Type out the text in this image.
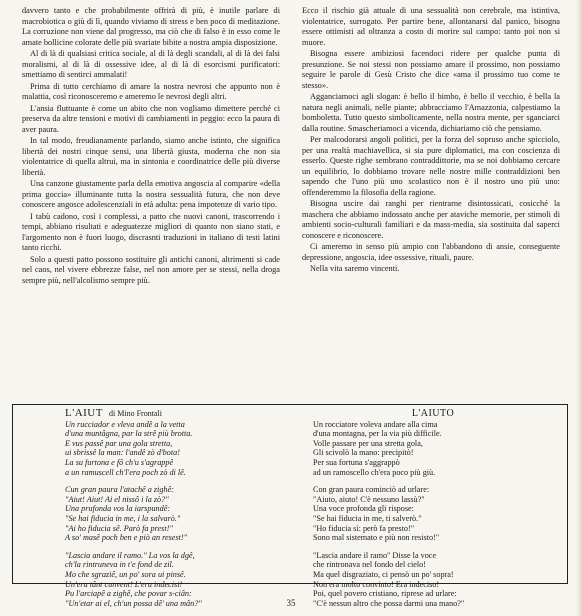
davvero tanto e che probabilmente offrirà di più, è inutile parlare di macrobiotica o giù di lì, quando viviamo di stress e ben poco di meditazione. La corruzione non viene dal progresso, ma ciò che di falso è in esso come le amate bollicine colorate delle più svariate bibite a nostra ampia disposizione.

Al di là di qualsiasi critica sociale, al di là degli scandali, al di là dei falsi moralismi, al di là di ossessive idee, al di là di esorcismi purificatori: smettiamo di sentirci ammalati!

Prima di tutto cerchiamo di amare la nostra nevrosi che appunto non è malattia, così riconosceremo e ameremo le nevrosi degli altri.

L'ansia fluttuante è come un abito che non vogliamo dimettere perché ci preserva da altre tensioni e motivi di cambiamenti in peggio: ecco la paura di aver paura.

In tal modo, freudianamente parlando, siamo anche istinto, che significa libertà dei nostri cinque sensi, una libertà giusta, moderna che non sia violentatrice di quella altrui, ma in sintonia e coordinatrice delle più diverse libertà.

Una canzone giustamente parla della emotiva angoscia al comparire «della prima goccia» illuminante tutta la nostra sessualità futura, che non deve conoscere angosce adolescenziali in età adulta: pena impotenze di vario tipo.

I tabù cadono, così i complessi, a patto che nuovi canoni, trascorrendo i tempi, abbiano risultati e adeguatezze migliori di quanto non siano stati, e l'argomento non è fuori luogo, discrasnti traduzioni in italiano di testi latini tanto ricchi.

Solo a questi patto possono sostituire gli antichi canoni, altrimenti si cade nel caos, nel vivere ebbrezze false, nel non amore per se stessi, nella droga sempre più, nell'alcolismo sempre più.

Ecco il rischio già attuale di una sessualità non cerebrale, ma istintiva, violentatrice, surrogato. Per partire bene, allontanarsi dal panico, bisogna essere ottimisti ad oltranza a costo di morire sul campo: tanto poi non si muore.

Bisogna essere ambiziosi facendoci ridere per qualche punta di presunzione. Se noi stessi non possiamo amare il prossimo, non possiamo seguire le parole di Gesù Cristo che dice «ama il prossimo tuo come te stesso».

Agganciamoci agli slogan: è bello il bimbo, è bello il vecchio, è bella la natura negli animali, nelle piante; abbracciamo l'Amazzonia, calpestiamo la bomboletta. Tutto questo simbolicamente, nella nostra mente, per sganciarci dalla routine. Smascheriamoci a vicenda, dichiariamo ciò che pensiamo.

Per malcodorarsi angoli politici, per la forza del sopruso anche spicciolo, per una realtà machiavellica, si sia pure diplomatici, ma con coscienza di esserlo. Queste righe sembrano contraddittorie, ma se noi dobbiamo cercare un equilibrio, lo dobbiamo trovare nelle nostre mille contraddizioni ben sapendo che l'uno più uno scolastico non è il nostro uno più uno: offenderemmo la filosofia della ragione.

Bisogna uscire dai ranghi per rientrarne disintossicati, cosicché la maschera che abbiamo indossato anche per ataviche memorie, per stimoli di ambienti socio-culturali familiari e da mass-media, sia sostituita dal saperci conoscere e riconoscere.

Ci ameremo in senso più ampio con l'abbandono di ansie, conseguente depressione, angoscia, idee ossessive, rituali, paure.

Nella vita saremo vincenti.

L'AIUT di Mino Frontali
Un rucciador e vleva andê a la vetta
d'una muntâgna, par la strê più brotta.
E vus passê par una gola stretta,
ui sbrissê la man: l'andê zò d'bota!
La su furtona e fô ch'u s'agrappê
a un ramuscell ch'l'era poch zò di lê.
Cun gran paura l'atachê a zighê:
"Aiut! Aiut! Ai el nissô i la zò?"
Una prufonda vos la iarspundê:
"Se hai fiducia in me, i la salvarò."
"Ai ho fiducia sê. Parò fa prest!"
A so' masê poch ben e piò an resest!"
"Lascia andare il ramo." La vos la dgê,
ch'la rintruneva in t'e fond de zil.
Mo che sgraziê, un po' sora ui pinsê.
Un'era tânt cunvent! L'era indecisi!
Pu l'arciapê a zighê, che povar s-ciân:
"Un'etar ai el, ch'un possa dê' una mân?"
L'AIUTO
Un rocciatore voleva andare alla cima
d'una montagna, per la via più difficile.
Volle passare per una stretta gola,
Gli scivolò la mano: precipitò!
Per sua fortuna s'aggrappò
ad un ramoscello ch'era poco più giù.
Con gran paura cominciò ad urlare:
"Aiuto, aiuto! C'è nessuno lassù?"
Una voce profonda gli rispose:
"Se hai fiducia in me, ti salverò."
"Ho fiducia sì: però fa presto!"
Sono mal sistemato e più non resisto!"
"Lascia andare il ramo" Disse la voce
che rintronava nel fondo del cielo!
Ma quel disgraziato, ci pensò un po' sopra!
Non era molto convinto! Era indeciso!
Poi, quel povero cristiano, riprese ad urlare:
"C'è nessun altro che possa darmi una mano?"
35
